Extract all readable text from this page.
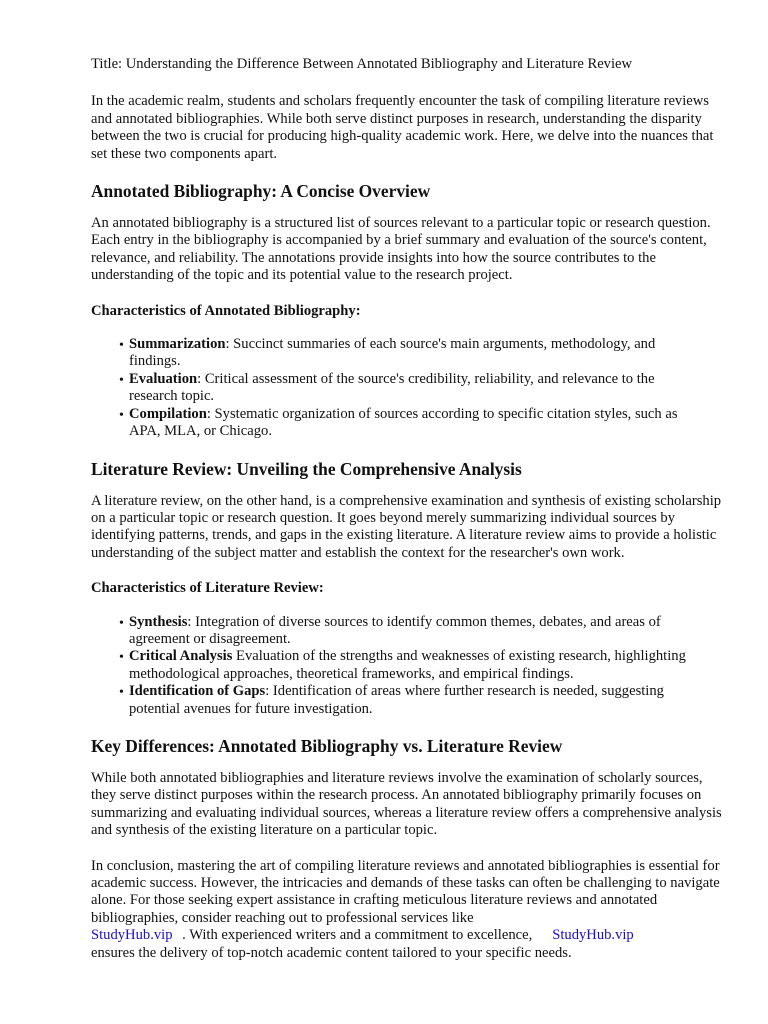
Title: Understanding the Difference Between Annotated Bibliography and Literature Review

In the academic realm, students and scholars frequently encounter the task of compiling literature reviews and annotated bibliographies. While both serve distinct purposes in research, understanding the disparity between the two is crucial for producing high-quality academic work. Here, we delve into the nuances that set these two components apart.

Annotated Bibliography: A Concise Overview

An annotated bibliography is a structured list of sources relevant to a particular topic or research question. Each entry in the bibliography is accompanied by a brief summary and evaluation of the source's content, relevance, and reliability. The annotations provide insights into how the source contributes to the understanding of the topic and its potential value to the research project.

Characteristics of Annotated Bibliography:
• Summarization: Succinct summaries of each source's main arguments, methodology, and findings.
• Evaluation: Critical assessment of the source's credibility, reliability, and relevance to the research topic.
• Compilation: Systematic organization of sources according to specific citation styles, such as APA, MLA, or Chicago.
Literature Review: Unveiling the Comprehensive Analysis

A literature review, on the other hand, is a comprehensive examination and synthesis of existing scholarship on a particular topic or research question. It goes beyond merely summarizing individual sources by identifying patterns, trends, and gaps in the existing literature. A literature review aims to provide a holistic understanding of the subject matter and establish the context for the researcher's own work.

Characteristics of Literature Review:
• Synthesis: Integration of diverse sources to identify common themes, debates, and areas of agreement or disagreement.
• Critical Analysis Evaluation of the strengths and weaknesses of existing research, highlighting methodological approaches, theoretical frameworks, and empirical findings.
• Identification of Gaps: Identification of areas where further research is needed, suggesting potential avenues for future investigation.
Key Differences: Annotated Bibliography vs. Literature Review

While both annotated bibliographies and literature reviews involve the examination of scholarly sources, they serve distinct purposes within the research process. An annotated bibliography primarily focuses on summarizing and evaluating individual sources, whereas a literature review offers a comprehensive analysis and synthesis of the existing literature on a particular topic.

In conclusion, mastering the art of compiling literature reviews and annotated bibliographies is essential for academic success. However, the intricacies and demands of these tasks can often be challenging to navigate alone. For those seeking expert assistance in crafting meticulous literature reviews and annotated bibliographies, consider reaching out to professional services like
StudyHub.vip . With experienced writers and a commitment to excellence, StudyHub.vip
ensures the delivery of top-notch academic content tailored to your specific needs.
